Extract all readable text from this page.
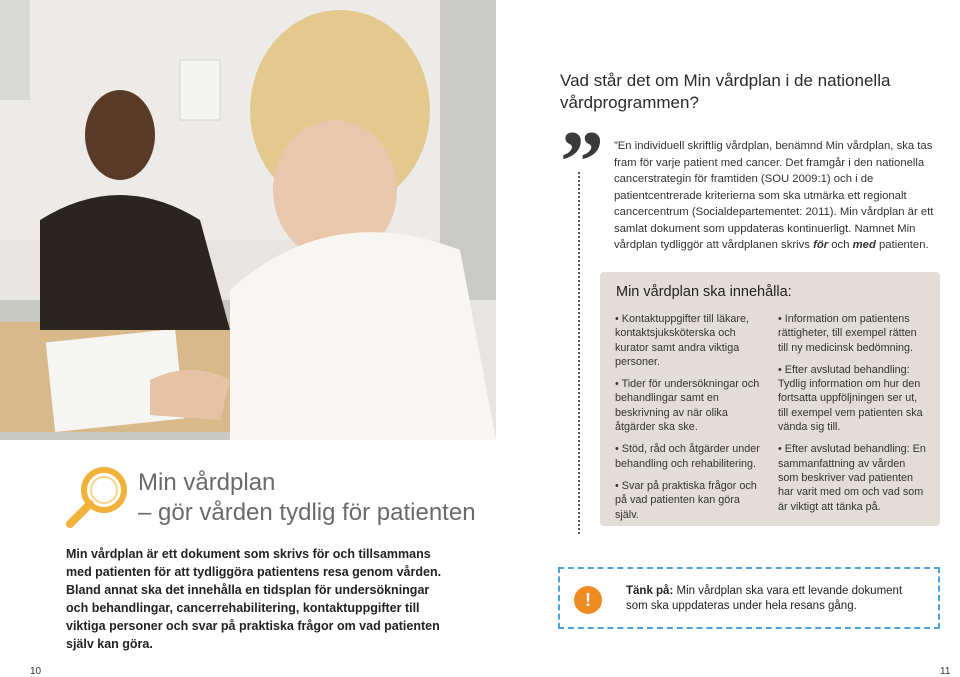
Min vårdplan
– gör vården tydlig för patienten
Min vårdplan är ett dokument som skrivs för och tillsammans med patienten för att tydliggöra patientens resa genom vården. Bland annat ska det innehålla en tidsplan för undersökningar och behandlingar, cancerrehabilitering, kontaktuppgifter till viktiga personer och svar på praktiska frågor om vad patienten själv kan göra.
10	11
Vad står det om Min vårdplan i de nationella vårdprogrammen?
” ”En individuell skriftlig vårdplan, benämnd Min vårdplan, ska tas fram för varje patient med cancer. Det framgår i den nationella cancerstrategin för framtiden (SOU 2009:1) och i de patientcentrerade kriterierna som ska utmärka ett regionalt cancercentrum (Socialdepartementet: 2011). Min vårdplan är ett samlat dokument som uppdateras kontinuerligt. Namnet Min vårdplan tydliggör att vårdplanen skrivs för och med patienten.
Min vårdplan ska innehålla:

• Kontaktuppgifter till läkare, kontaktsjuksköterska och kurator samt andra viktiga personer.

• Tider för undersökningar och behandlingar samt en beskrivning av när olika åtgärder ska ske.

• Stöd, råd och åtgärder under behandling och rehabilitering.

• Svar på praktiska frågor och på vad patienten kan göra själv.

• Information om patientens rättigheter, till exempel rätten till ny medicinsk bedömning.

• Efter avslutad behandling: Tydlig information om hur den fortsatta uppföljningen ser ut, till exempel vem patienten ska vända sig till.

• Efter avslutad behandling: En sammanfattning av vården som beskriver vad patienten har varit med om och vad som är viktigt att tänka på.

!	Tänk på: Min vårdplan ska vara ett levande dokument som ska uppdateras under hela resans gång.
